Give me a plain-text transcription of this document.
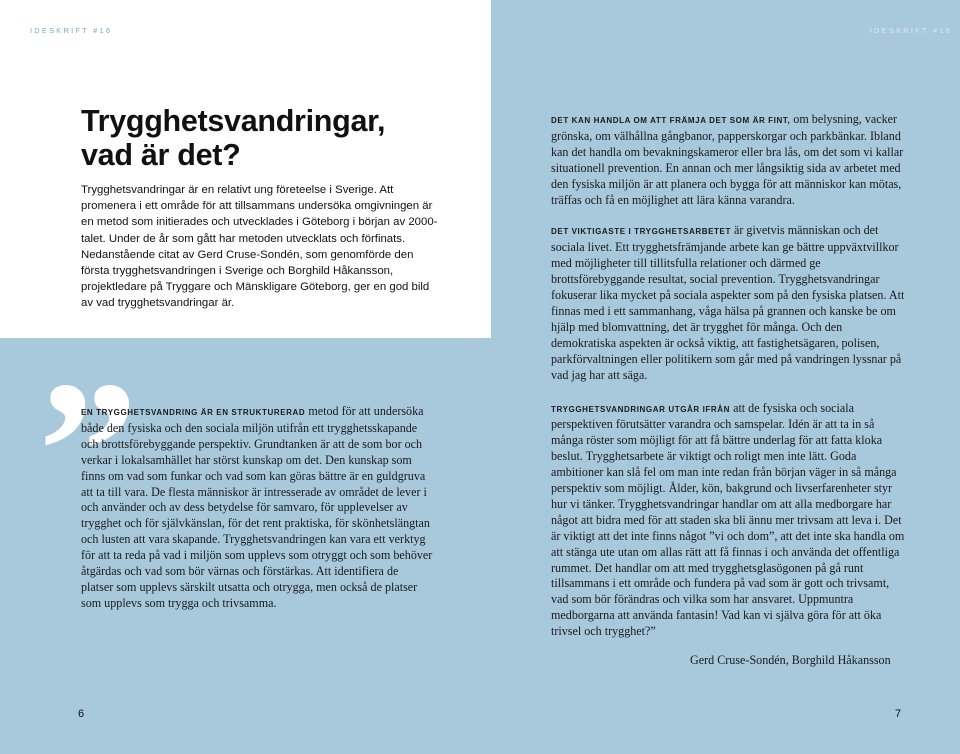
IDESKRIFT #16	IDESKRIFT #16
Trygghetsvandringar,
vad är det?

Trygghetsvandringar är en relativt ung företeelse i Sverige. Att promenera i ett område för att tillsammans undersöka omgivningen är en metod som initierades och utvecklades i Göteborg i början av 2000-talet. Under de år som gått har metoden utvecklats och förfinats. Nedanstående citat av Gerd Cruse-Sondén, som genomförde den första trygghetsvandringen i Sverige och Borghild Håkansson, projektledare på Tryggare och Mänskligare Göteborg, ger en god bild av vad trygghetsvandringar är.

”

EN TRYGGHETSVANDRING ÄR EN STRUKTURERAD metod för att undersöka både den fysiska och den sociala miljön utifrån ett trygghetsskapande och brottsförebyggande perspektiv. Grundtanken är att de som bor och verkar i lokalsamhället har störst kunskap om det. Den kunskap som finns om vad som funkar och vad som kan göras bättre är en guldgruva att ta till vara. De flesta människor är intresserade av området de lever i och använder och av dess betydelse för samvaro, för upplevelser av trygghet och för självkänslan, för det rent praktiska, för skönhetslängtan och lusten att vara skapande. Trygghetsvandringen kan vara ett verktyg för att ta reda på vad i miljön som upplevs som otryggt och som behöver åtgärdas och vad som bör värnas och förstärkas. Att identifiera de platser som upplevs särskilt utsatta och otrygga, men också de platser som upplevs som trygga och trivsamma.

DET KAN HANDLA OM ATT FRÄMJA DET SOM ÄR FINT, om belysning, vacker grönska, om välhållna gångbanor, papperskorgar och parkbänkar. Ibland kan det handla om bevakningskameror eller bra lås, om det som vi kallar situationell prevention. En annan och mer långsiktig sida av arbetet med den fysiska miljön är att planera och bygga för att människor kan mötas, träffas och få en möjlighet att lära känna varandra.

DET VIKTIGASTE I TRYGGHETSARBETET är givetvis människan och det sociala livet. Ett trygghetsfrämjande arbete kan ge bättre uppväxtvillkor med möjligheter till tillitsfulla relationer och därmed ge brottsförebyggande resultat, social prevention. Trygghetsvandringar fokuserar lika mycket på sociala aspekter som på den fysiska platsen. Att finnas med i ett sammanhang, våga hälsa på grannen och kanske be om hjälp med blomvattning, det är trygghet för många. Och den demokratiska aspekten är också viktig, att fastighetsägaren, polisen, parkförvaltningen eller politikern som går med på vandringen lyssnar på vad jag har att säga.

TRYGGHETSVANDRINGAR UTGÅR IFRÅN att de fysiska och sociala perspektiven förutsätter varandra och samspelar. Idén är att ta in så många röster som möjligt för att få bättre underlag för att fatta kloka beslut. Trygghetsarbete är viktigt och roligt men inte lätt. Goda ambitioner kan slå fel om man inte redan från början väger in så många perspektiv som möjligt. Ålder, kön, bakgrund och livserfarenheter styr hur vi tänker. Trygghetsvandringar handlar om att alla medborgare har något att bidra med för att staden ska bli ännu mer trivsam att leva i. Det är viktigt att det inte finns något ”vi och dom”, att det inte ska handla om att stänga ute utan om allas rätt att få finnas i och använda det offentliga rummet. Det handlar om att med trygghetsglasögonen på gå runt tillsammans i ett område och fundera på vad som är gott och trivsamt, vad som bör förändras och vilka som har ansvaret. Uppmuntra medborgarna att använda fantasin! Vad kan vi själva göra för att öka trivsel och trygghet?”

Gerd Cruse-Sondén, Borghild Håkansson
6	7
